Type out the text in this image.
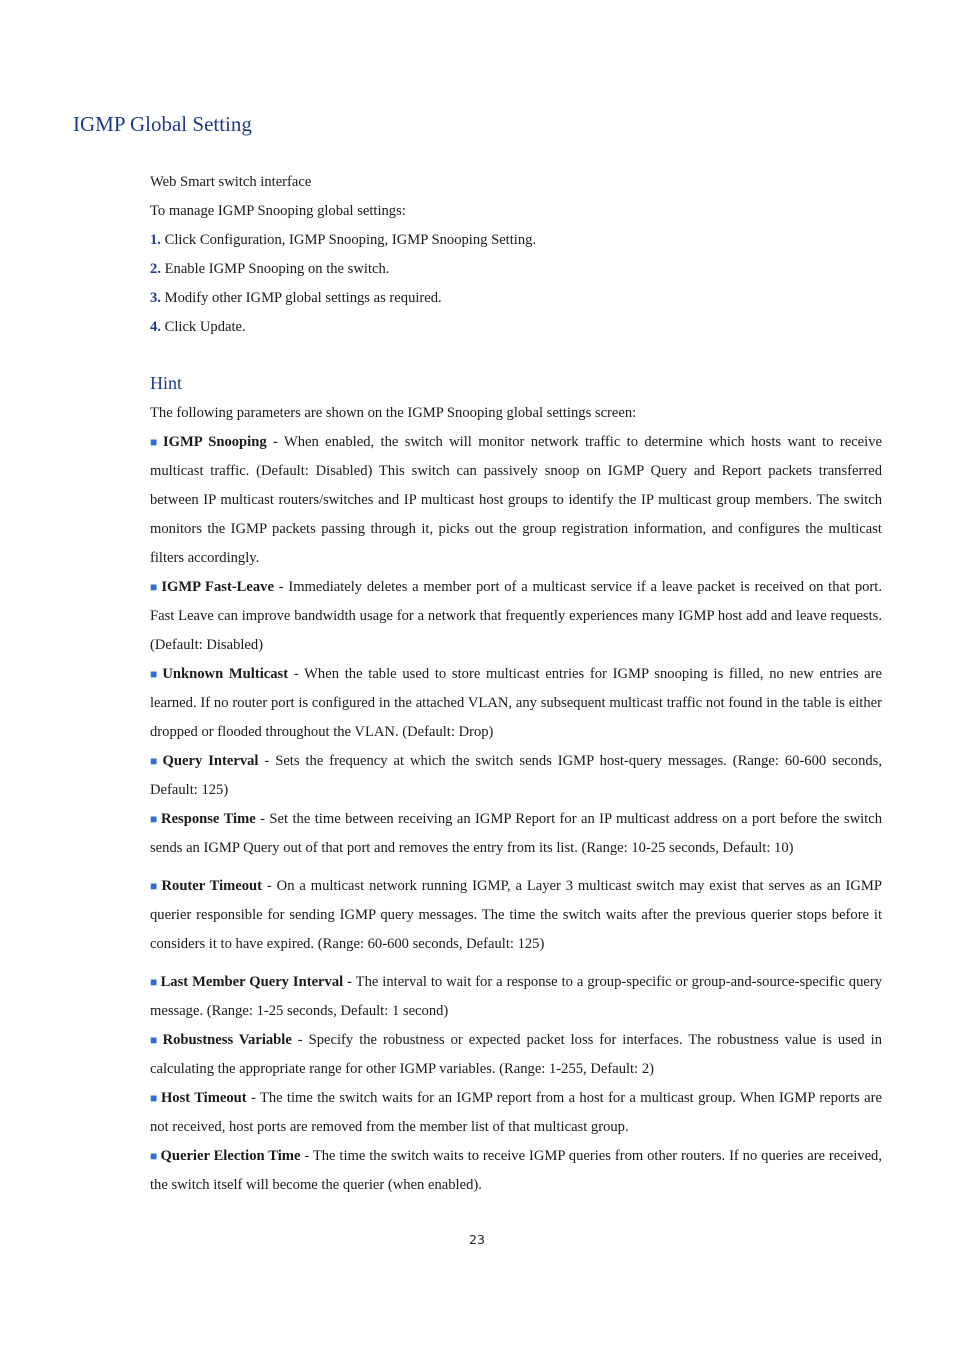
IGMP Global Setting

Web Smart switch interface

To manage IGMP Snooping global settings:

1. Click Configuration, IGMP Snooping, IGMP Snooping Setting.

2. Enable IGMP Snooping on the switch.

3. Modify other IGMP global settings as required.

4. Click Update.

Hint

The following parameters are shown on the IGMP Snooping global settings screen:

■ IGMP Snooping - When enabled, the switch will monitor network traffic to determine which hosts want to receive multicast traffic. (Default: Disabled) This switch can passively snoop on IGMP Query and Report packets transferred between IP multicast routers/switches and IP multicast host groups to identify the IP multicast group members. The switch monitors the IGMP packets passing through it, picks out the group registration information, and configures the multicast filters accordingly.

■ IGMP Fast-Leave - Immediately deletes a member port of a multicast service if a leave packet is received on that port. Fast Leave can improve bandwidth usage for a network that frequently experiences many IGMP host add and leave requests. (Default: Disabled)

■ Unknown Multicast - When the table used to store multicast entries for IGMP snooping is filled, no new entries are learned. If no router port is configured in the attached VLAN, any subsequent multicast traffic not found in the table is either dropped or flooded throughout the VLAN. (Default: Drop)

■ Query Interval - Sets the frequency at which the switch sends IGMP host-query messages. (Range: 60-600 seconds, Default: 125)

■ Response Time - Set the time between receiving an IGMP Report for an IP multicast address on a port before the switch sends an IGMP Query out of that port and removes the entry from its list. (Range: 10-25 seconds, Default: 10)

■ Router Timeout - On a multicast network running IGMP, a Layer 3 multicast switch may exist that serves as an IGMP querier responsible for sending IGMP query messages. The time the switch waits after the previous querier stops before it considers it to have expired. (Range: 60-600 seconds, Default: 125)

■ Last Member Query Interval - The interval to wait for a response to a group-specific or group-and-source-specific query message. (Range: 1-25 seconds, Default: 1 second)

■ Robustness Variable - Specify the robustness or expected packet loss for interfaces. The robustness value is used in calculating the appropriate range for other IGMP variables. (Range: 1-255, Default: 2)

■ Host Timeout - The time the switch waits for an IGMP report from a host for a multicast group. When IGMP reports are not received, host ports are removed from the member list of that multicast group.

■ Querier Election Time - The time the switch waits to receive IGMP queries from other routers. If no queries are received, the switch itself will become the querier (when enabled).

23
